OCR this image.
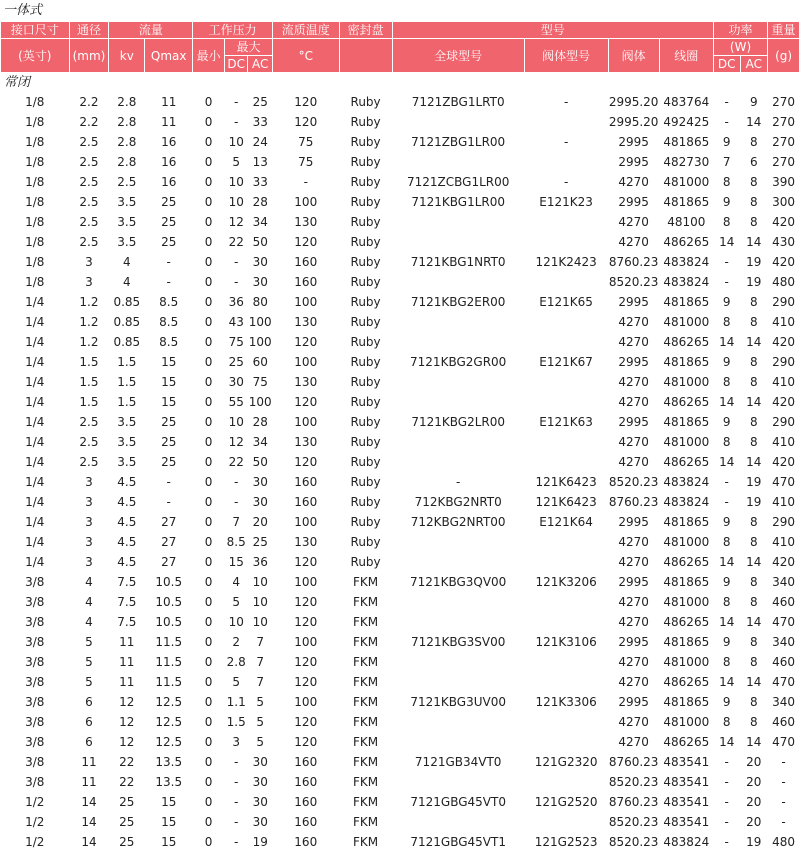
一体式
接口尺寸	通径	流量		工作压力			流质温度	密封盘	型号				功率		重量
(英寸)	(mm)	kv	Qmax	最小	最大		°C		全球型号	阀体型号	阀体	线圈	(W)		(g)
					DC	AC							DC	AC	
常闭															
1/8	2.2	2.8	11	0	-	25	120	Ruby	7121ZBG1LRT0	-	2995.20	483764	-	9	270
1/8	2.2	2.8	11	0	-	33	120	Ruby			2995.20	492425	-	14	270
1/8	2.5	2.8	16	0	10	24	75	Ruby	7121ZBG1LR00	-	2995	481865	9	8	270
1/8	2.5	2.8	16	0	5	13	75	Ruby			2995	482730	7	6	270
1/8	2.5	2.5	16	0	10	33	-	Ruby	7121ZCBG1LR00	-	4270	481000	8	8	390
1/8	2.5	3.5	25	0	10	28	100	Ruby	7121KBG1LR00	E121K23	2995	481865	9	8	300
1/8	2.5	3.5	25	0	12	34	130	Ruby			4270	48100	8	8	420
1/8	2.5	3.5	25	0	22	50	120	Ruby			4270	486265	14	14	430
1/8	3	4	-	0	-	30	160	Ruby	7121KBG1NRT0	121K2423	8760.23	483824	-	19	420
1/8	3	4	-	0	-	30	160	Ruby			8520.23	483824	-	19	480
1/4	1.2	0.85	8.5	0	36	80	100	Ruby	7121KBG2ER00	E121K65	2995	481865	9	8	290
1/4	1.2	0.85	8.5	0	43	100	130	Ruby			4270	481000	8	8	410
1/4	1.2	0.85	8.5	0	75	100	120	Ruby			4270	486265	14	14	420
1/4	1.5	1.5	15	0	25	60	100	Ruby	7121KBG2GR00	E121K67	2995	481865	9	8	290
1/4	1.5	1.5	15	0	30	75	130	Ruby			4270	481000	8	8	410
1/4	1.5	1.5	15	0	55	100	120	Ruby			4270	486265	14	14	420
1/4	2.5	3.5	25	0	10	28	100	Ruby	7121KBG2LR00	E121K63	2995	481865	9	8	290
1/4	2.5	3.5	25	0	12	34	130	Ruby			4270	481000	8	8	410
1/4	2.5	3.5	25	0	22	50	120	Ruby			4270	486265	14	14	420
1/4	3	4.5	-	0	-	30	160	Ruby	-	121K6423	8520.23	483824	-	19	470
1/4	3	4.5	-	0	-	30	160	Ruby	712KBG2NRT0	121K6423	8760.23	483824	-	19	410
1/4	3	4.5	27	0	7	20	100	Ruby	712KBG2NRT00	E121K64	2995	481865	9	8	290
1/4	3	4.5	27	0	8.5	25	130	Ruby			4270	481000	8	8	410
1/4	3	4.5	27	0	15	36	120	Ruby			4270	486265	14	14	420
3/8	4	7.5	10.5	0	4	10	100	FKM	7121KBG3QV00	121K3206	2995	481865	9	8	340
3/8	4	7.5	10.5	0	5	10	120	FKM			4270	481000	8	8	460
3/8	4	7.5	10.5	0	10	10	120	FKM			4270	486265	14	14	470
3/8	5	11	11.5	0	2	7	100	FKM	7121KBG3SV00	121K3106	2995	481865	9	8	340
3/8	5	11	11.5	0	2.8	7	120	FKM			4270	481000	8	8	460
3/8	5	11	11.5	0	5	7	120	FKM			4270	486265	14	14	470
3/8	6	12	12.5	0	1.1	5	100	FKM	7121KBG3UV00	121K3306	2995	481865	9	8	340
3/8	6	12	12.5	0	1.5	5	120	FKM			4270	481000	8	8	460
3/8	6	12	12.5	0	3	5	120	FKM			4270	486265	14	14	470
3/8	11	22	13.5	0	-	30	160	FKM	7121GB34VT0	121G2320	8760.23	483541	-	20	-
3/8	11	22	13.5	0	-	30	160	FKM			8520.23	483541	-	20	-
1/2	14	25	15	0	-	30	160	FKM	7121GBG45VT0	121G2520	8760.23	483541	-	20	-
1/2	14	25	15	0	-	30	160	FKM			8520.23	483541	-	20	-
1/2	14	25	15	0	-	19	160	FKM	7121GBG45VT1	121G2523	8520.23	483824	-	19	480
